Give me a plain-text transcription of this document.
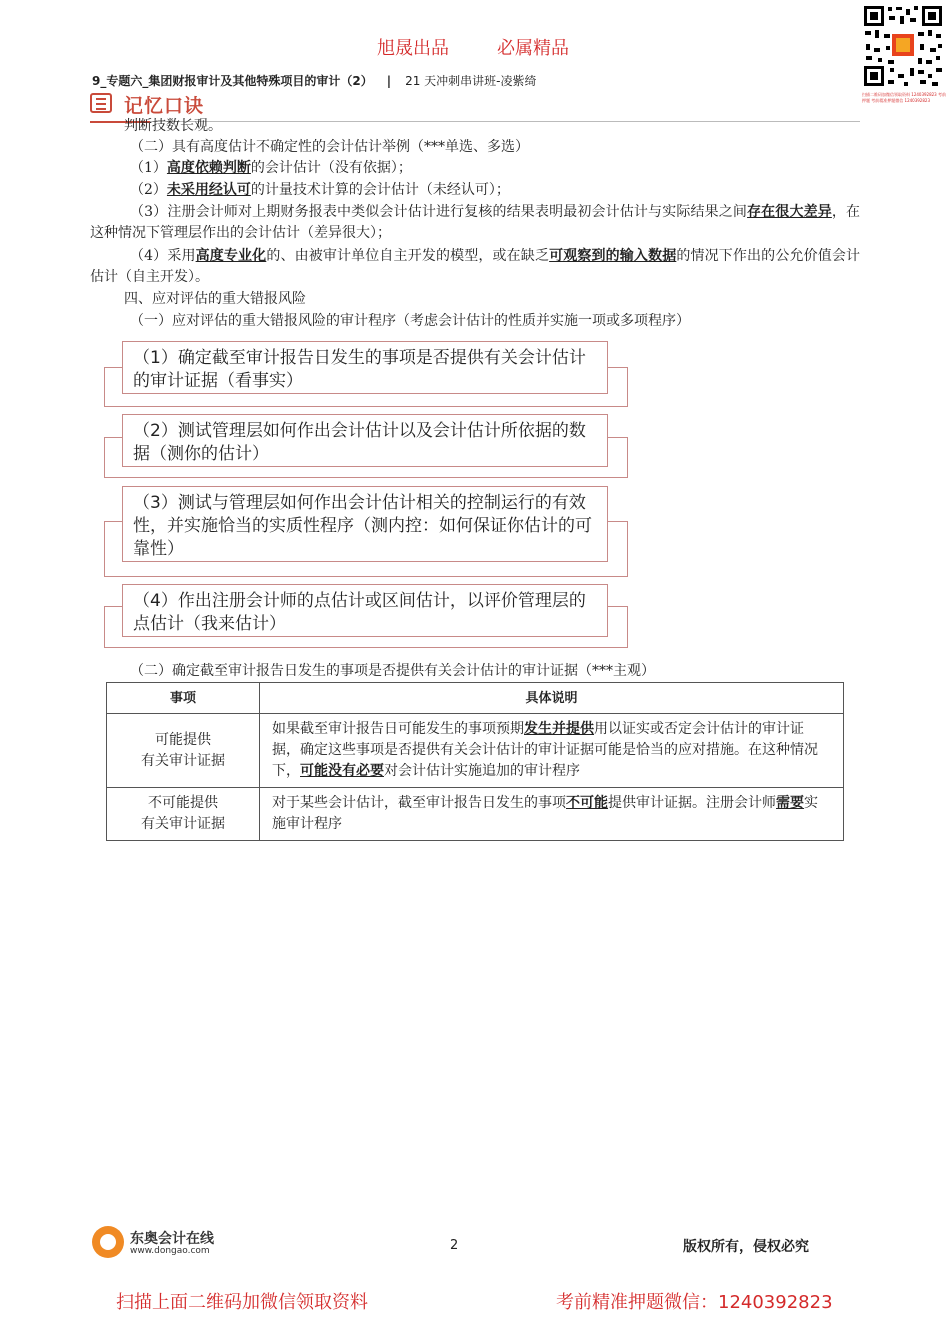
旭晟出品	必属精品
9_专题六_集团财报审计及其他特殊项目的审计（2） | 21 天冲刺串讲班-凌紫绮
扫描二维码加微信领取资料 1240392823 考前押题 考前精准押题微信 1240392823
记忆口诀
判断技数长观。
（二）具有高度估计不确定性的会计估计举例（***单选、多选）
（1）高度依赖判断的会计估计（没有依据）；
（2）未采用经认可的计量技术计算的会计估计（未经认可）；
（3）注册会计师对上期财务报表中类似会计估计进行复核的结果表明最初会计估计与实际结果之间存在很大差异，在这种情况下管理层作出的会计估计（差异很大）；
（4）采用高度专业化的、由被审计单位自主开发的模型，或在缺乏可观察到的输入数据的情况下作出的公允价值会计估计（自主开发）。
四、应对评估的重大错报风险
（一）应对评估的重大错报风险的审计程序（考虑会计估计的性质并实施一项或多项程序）
（1）确定截至审计报告日发生的事项是否提供有关会计估计的审计证据（看事实）
（2）测试管理层如何作出会计估计以及会计估计所依据的数据（测你的估计）
（3）测试与管理层如何作出会计估计相关的控制运行的有效性，并实施恰当的实质性程序（测内控：如何保证你估计的可靠性）
（4）作出注册会计师的点估计或区间估计，以评价管理层的点估计（我来估计）
（二）确定截至审计报告日发生的事项是否提供有关会计估计的审计证据（***主观）
事项	具体说明
可能提供
有关审计证据	如果截至审计报告日可能发生的事项预期发生并提供用以证实或否定会计估计的审计证据，确定这些事项是否提供有关会计估计的审计证据可能是恰当的应对措施。在这种情况下，可能没有必要对会计估计实施追加的审计程序
不可能提供
有关审计证据	对于某些会计估计，截至审计报告日发生的事项不可能提供审计证据。注册会计师需要实施审计程序
东奥会计在线
www.dongao.com	2	版权所有，侵权必究
扫描上面二维码加微信领取资料	考前精准押题微信：1240392823
